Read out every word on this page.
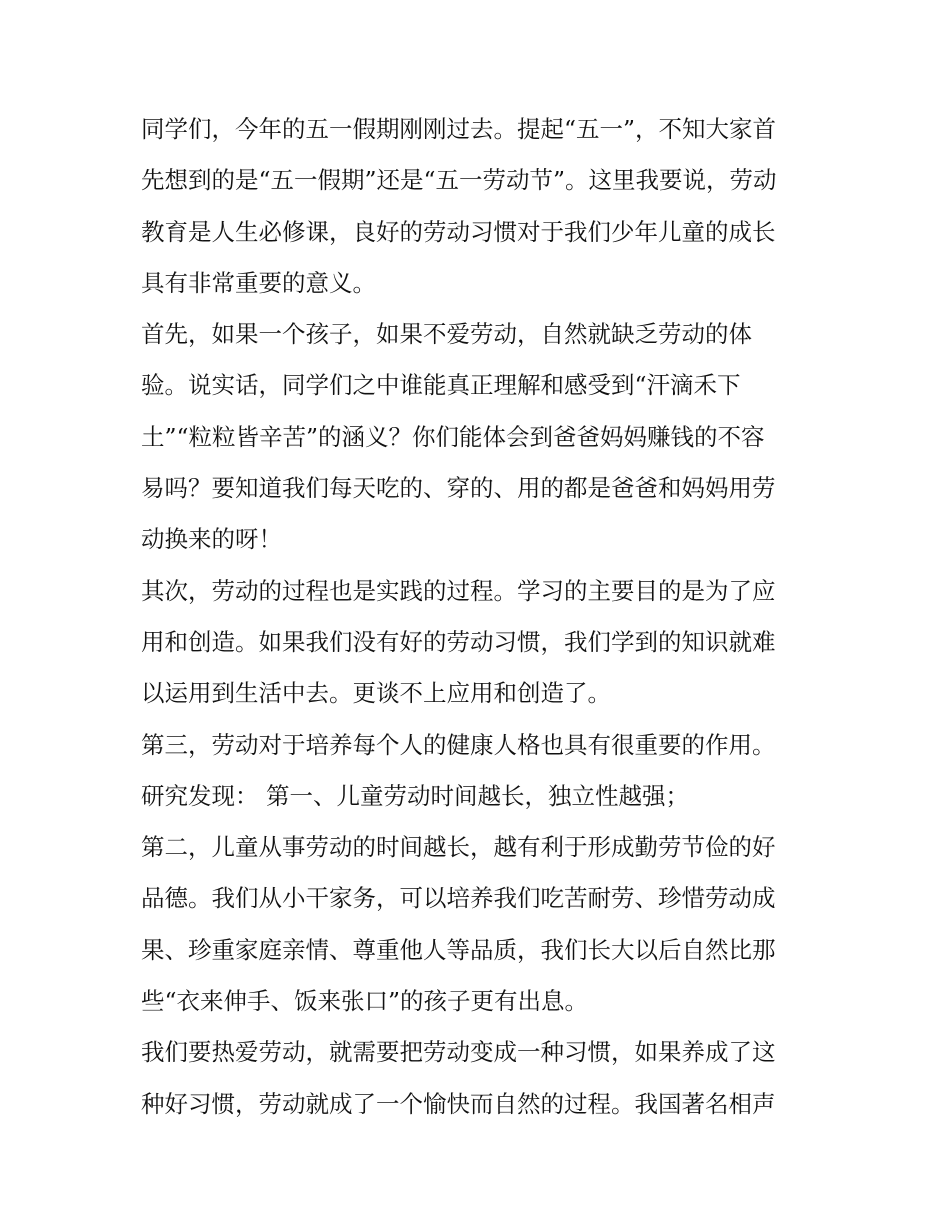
同学们，今年的五一假期刚刚过去。提起“五一”，不知大家首
先想到的是“五一假期”还是“五一劳动节”。这里我要说，劳动
教育是人生必修课，良好的劳动习惯对于我们少年儿童的成长
具有非常重要的意义。
首先，如果一个孩子，如果不爱劳动，自然就缺乏劳动的体
验。说实话，同学们之中谁能真正理解和感受到“汗滴禾下
土”“粒粒皆辛苦”的涵义？你们能体会到爸爸妈妈赚钱的不容
易吗？要知道我们每天吃的、穿的、用的都是爸爸和妈妈用劳
动换来的呀！
其次，劳动的过程也是实践的过程。学习的主要目的是为了应
用和创造。如果我们没有好的劳动习惯，我们学到的知识就难
以运用到生活中去。更谈不上应用和创造了。
第三，劳动对于培养每个人的健康人格也具有很重要的作用。
研究发现： 第一、儿童劳动时间越长，独立性越强；
第二，儿童从事劳动的时间越长，越有利于形成勤劳节俭的好
品德。我们从小干家务，可以培养我们吃苦耐劳、珍惜劳动成
果、珍重家庭亲情、尊重他人等品质，我们长大以后自然比那
些“衣来伸手、饭来张口”的孩子更有出息。
我们要热爱劳动，就需要把劳动变成一种习惯，如果养成了这
种好习惯，劳动就成了一个愉快而自然的过程。我国著名相声
